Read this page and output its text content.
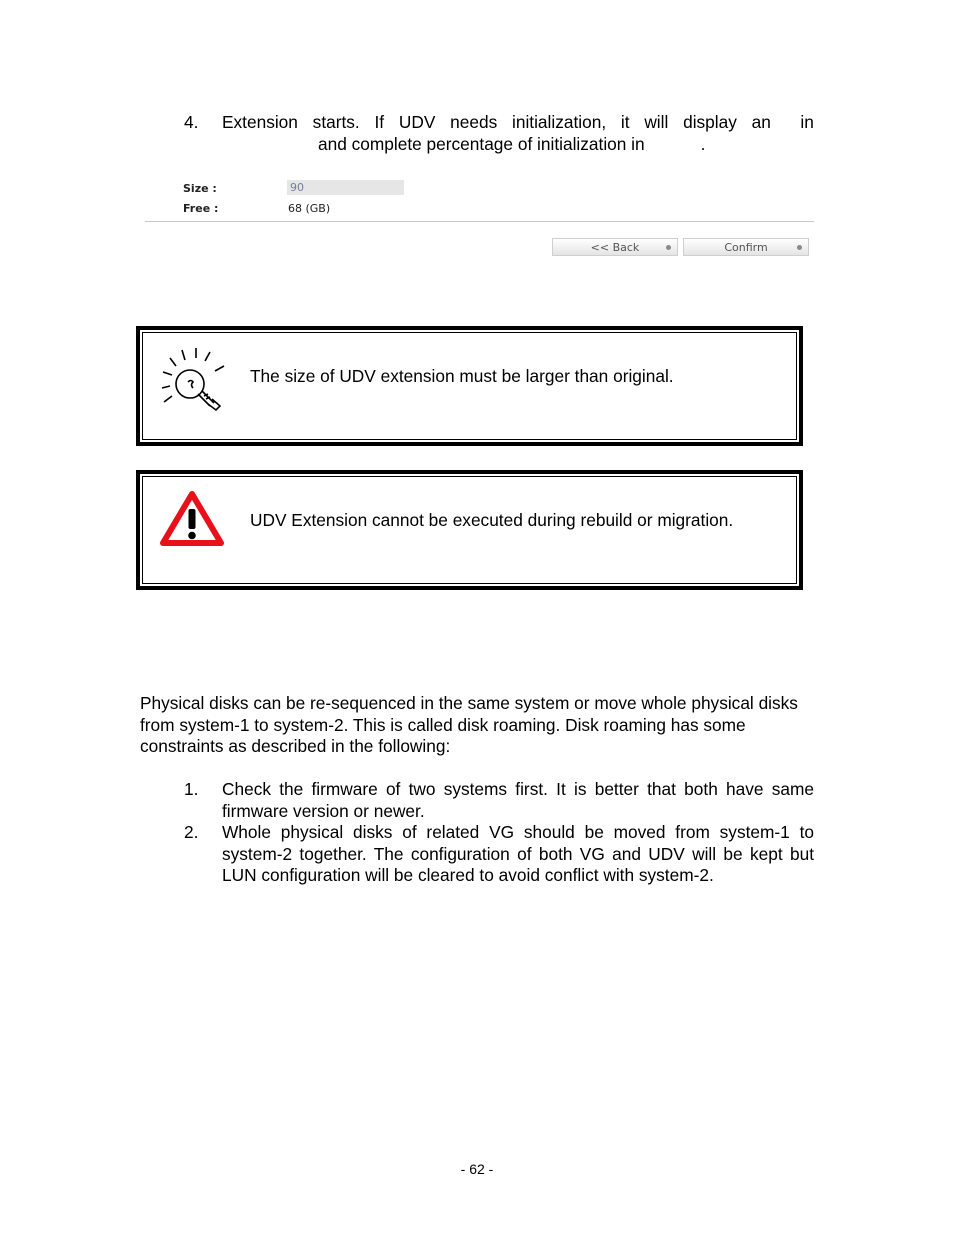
4. Extension starts. If UDV needs initialization, it will display an in
and complete percentage of initialization in	.
Size :
90
Free :	68 (GB)
<< Back	Confirm
The size of UDV extension must be larger than original.
UDV Extension cannot be executed during rebuild or migration.
Physical disks can be re-sequenced in the same system or move whole physical disks from system-1 to system-2. This is called disk roaming. Disk roaming has some constraints as described in the following:
1. Check the firmware of two systems first. It is better that both have same firmware version or newer.
2. Whole physical disks of related VG should be moved from system-1 to system-2 together. The configuration of both VG and UDV will be kept but LUN configuration will be cleared to avoid conflict with system-2.
- 62 -
